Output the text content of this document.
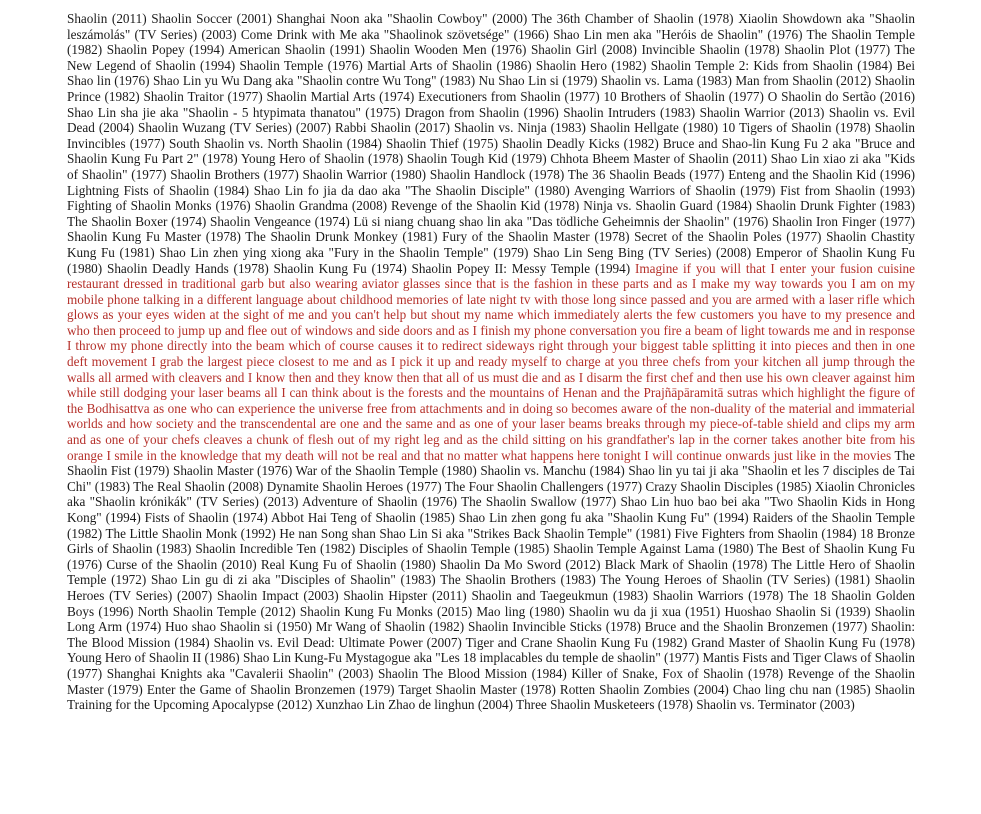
Shaolin (2011) Shaolin Soccer (2001) Shanghai Noon aka "Shaolin Cowboy" (2000) The 36th Chamber of Shaolin (1978) Xiaolin Showdown aka "Shaolin leszámolás" (TV Series) (2003) Come Drink with Me aka "Shaolinok szövetsége" (1966) Shao Lin men aka "Heróis de Shaolin" (1976) The Shaolin Temple (1982) Shaolin Popey (1994) American Shaolin (1991) Shaolin Wooden Men (1976) Shaolin Girl (2008) Invincible Shaolin (1978) Shaolin Plot (1977) The New Legend of Shaolin (1994) Shaolin Temple (1976) Martial Arts of Shaolin (1986) Shaolin Hero (1982) Shaolin Temple 2: Kids from Shaolin (1984) Bei Shao lin (1976) Shao Lin yu Wu Dang aka "Shaolin contre Wu Tong" (1983) Nu Shao Lin si (1979) Shaolin vs. Lama (1983) Man from Shaolin (2012) Shaolin Prince (1982) Shaolin Traitor (1977) Shaolin Martial Arts (1974) Executioners from Shaolin (1977) 10 Brothers of Shaolin (1977) O Shaolin do Sertão (2016) Shao Lin sha jie aka "Shaolin - 5 htypimata thanatou" (1975) Dragon from Shaolin (1996) Shaolin Intruders (1983) Shaolin Warrior (2013) Shaolin vs. Evil Dead (2004) Shaolin Wuzang (TV Series) (2007) Rabbi Shaolin (2017) Shaolin vs. Ninja (1983) Shaolin Hellgate (1980) 10 Tigers of Shaolin (1978) Shaolin Invincibles (1977) South Shaolin vs. North Shaolin (1984) Shaolin Thief (1975) Shaolin Deadly Kicks (1982) Bruce and Shao-lin Kung Fu 2 aka "Bruce and Shaolin Kung Fu Part 2" (1978) Young Hero of Shaolin (1978) Shaolin Tough Kid (1979) Chhota Bheem Master of Shaolin (2011) Shao Lin xiao zi aka "Kids of Shaolin" (1977) Shaolin Brothers (1977) Shaolin Warrior (1980) Shaolin Handlock (1978) The 36 Shaolin Beads (1977) Enteng and the Shaolin Kid (1996) Lightning Fists of Shaolin (1984) Shao Lin fo jia da dao aka "The Shaolin Disciple" (1980) Avenging Warriors of Shaolin (1979) Fist from Shaolin (1993) Fighting of Shaolin Monks (1976) Shaolin Grandma (2008) Revenge of the Shaolin Kid (1978) Ninja vs. Shaolin Guard (1984) Shaolin Drunk Fighter (1983) The Shaolin Boxer (1974) Shaolin Vengeance (1974) Lü si niang chuang shao lin aka "Das tödliche Geheimnis der Shaolin" (1976) Shaolin Iron Finger (1977) Shaolin Kung Fu Master (1978) The Shaolin Drunk Monkey (1981) Fury of the Shaolin Master (1978) Secret of the Shaolin Poles (1977) Shaolin Chastity Kung Fu (1981) Shao Lin zhen ying xiong aka "Fury in the Shaolin Temple" (1979) Shao Lin Seng Bing (TV Series) (2008) Emperor of Shaolin Kung Fu (1980) Shaolin Deadly Hands (1978) Shaolin Kung Fu (1974) Shaolin Popey II: Messy Temple (1994) Imagine if you will that I enter your fusion cuisine restaurant dressed in traditional garb but also wearing aviator glasses since that is the fashion in these parts and as I make my way towards you I am on my mobile phone talking in a different language about childhood memories of late night tv with those long since passed and you are armed with a laser rifle which glows as your eyes widen at the sight of me and you can't help but shout my name which immediately alerts the few customers you have to my presence and who then proceed to jump up and flee out of windows and side doors and as I finish my phone conversation you fire a beam of light towards me and in response I throw my phone directly into the beam which of course causes it to redirect sideways right through your biggest table splitting it into pieces and then in one deft movement I grab the largest piece closest to me and as I pick it up and ready myself to charge at you three chefs from your kitchen all jump through the walls all armed with cleavers and I know then and they know then that all of us must die and as I disarm the first chef and then use his own cleaver against him while still dodging your laser beams all I can think about is the forests and the mountains of Henan and the Prajñāpāramitā sutras which highlight the figure of the Bodhisattva as one who can experience the universe free from attachments and in doing so becomes aware of the non-duality of the material and immaterial worlds and how society and the transcendental are one and the same and as one of your laser beams breaks through my piece-of-table shield and clips my arm and as one of your chefs cleaves a chunk of flesh out of my right leg and as the child sitting on his grandfather's lap in the corner takes another bite from his orange I smile in the knowledge that my death will not be real and that no matter what happens here tonight I will continue onwards just like in the movies The Shaolin Fist (1979) Shaolin Master (1976) War of the Shaolin Temple (1980) Shaolin vs. Manchu (1984) Shao lin yu tai ji aka "Shaolin et les 7 disciples de Tai Chi" (1983) The Real Shaolin (2008) Dynamite Shaolin Heroes (1977) The Four Shaolin Challengers (1977) Crazy Shaolin Disciples (1985) Xiaolin Chronicles aka "Shaolin krónikák" (TV Series) (2013) Adventure of Shaolin (1976) The Shaolin Swallow (1977) Shao Lin huo bao bei aka "Two Shaolin Kids in Hong Kong" (1994) Fists of Shaolin (1974) Abbot Hai Teng of Shaolin (1985) Shao Lin zhen gong fu aka "Shaolin Kung Fu" (1994) Raiders of the Shaolin Temple (1982) The Little Shaolin Monk (1992) He nan Song shan Shao Lin Si aka "Strikes Back Shaolin Temple" (1981) Five Fighters from Shaolin (1984) 18 Bronze Girls of Shaolin (1983) Shaolin Incredible Ten (1982) Disciples of Shaolin Temple (1985) Shaolin Temple Against Lama (1980) The Best of Shaolin Kung Fu (1976) Curse of the Shaolin (2010) Real Kung Fu of Shaolin (1980) Shaolin Da Mo Sword (2012) Black Mark of Shaolin (1978) The Little Hero of Shaolin Temple (1972) Shao Lin gu di zi aka "Disciples of Shaolin" (1983) The Shaolin Brothers (1983) The Young Heroes of Shaolin (TV Series) (1981) Shaolin Heroes (TV Series) (2007) Shaolin Impact (2003) Shaolin Hipster (2011) Shaolin and Taegeukmun (1983) Shaolin Warriors (1978) The 18 Shaolin Golden Boys (1996) North Shaolin Temple (2012) Shaolin Kung Fu Monks (2015) Mao ling (1980) Shaolin wu da ji xua (1951) Huoshao Shaolin Si (1939) Shaolin Long Arm (1974) Huo shao Shaolin si (1950) Mr Wang of Shaolin (1982) Shaolin Invincible Sticks (1978) Bruce and the Shaolin Bronzemen (1977) Shaolin: The Blood Mission (1984) Shaolin vs. Evil Dead: Ultimate Power (2007) Tiger and Crane Shaolin Kung Fu (1982) Grand Master of Shaolin Kung Fu (1978) Young Hero of Shaolin II (1986) Shao Lin Kung-Fu Mystagogue aka "Les 18 implacables du temple de shaolin" (1977) Mantis Fists and Tiger Claws of Shaolin (1977) Shanghai Knights aka "Cavalerii Shaolin" (2003) Shaolin The Blood Mission (1984) Killer of Snake, Fox of Shaolin (1978) Revenge of the Shaolin Master (1979) Enter the Game of Shaolin Bronzemen (1979) Target Shaolin Master (1978) Rotten Shaolin Zombies (2004) Chao ling chu nan (1985) Shaolin Training for the Upcoming Apocalypse (2012) Xunzhao Lin Zhao de linghun (2004) Three Shaolin Musketeers (1978) Shaolin vs. Terminator (2003)
